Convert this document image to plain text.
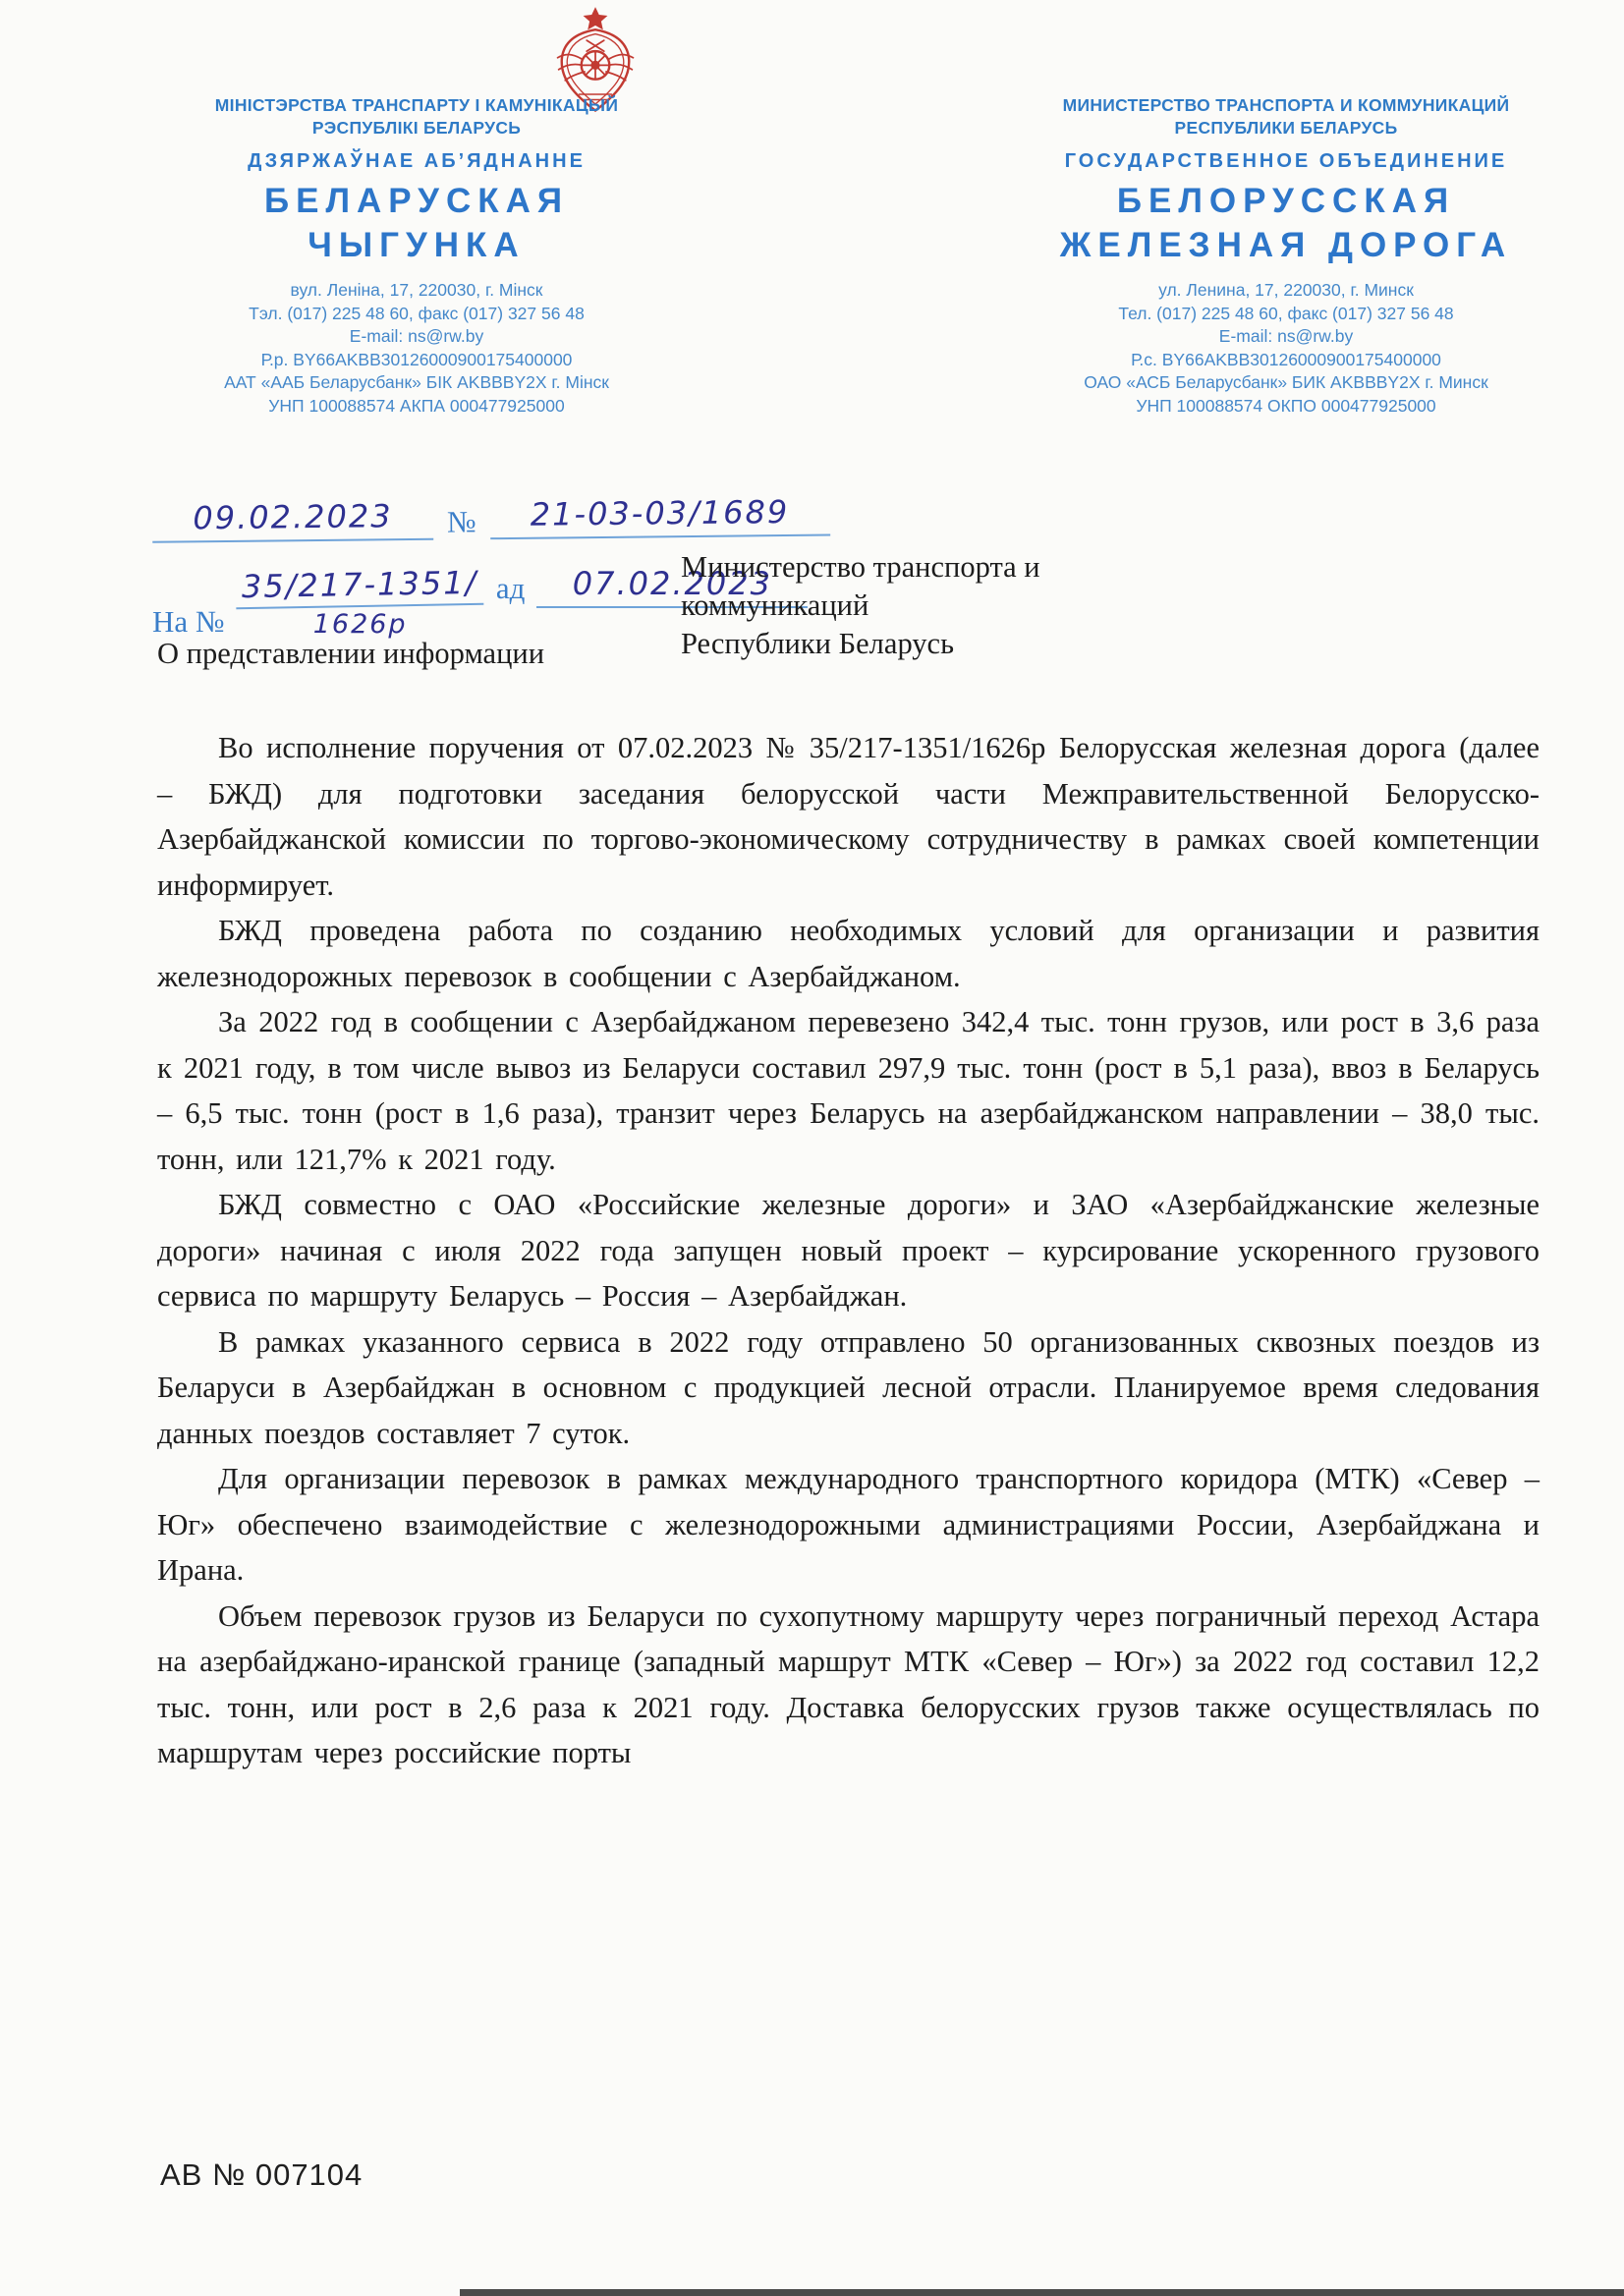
МІНІСТЭРСТВА ТРАНСПАРТУ І КАМУНІКАЦЫЙ
РЭСПУБЛІКІ БЕЛАРУСЬ
ДЗЯРЖАЎНАЕ АБ’ЯДНАННЕ
БЕЛАРУСКАЯ
ЧЫГУНКА
вул. Леніна, 17, 220030, г. Мінск
Тэл. (017) 225 48 60, факс (017) 327 56 48
E-mail: ns@rw.by
Р.р. BY66AKBB30126000900175400000
ААТ «ААБ Беларусбанк» БІК AKBBBY2X г. Мінск
УНП 100088574 АКПА 000477925000
МИНИСТЕРСТВО ТРАНСПОРТА И КОММУНИКАЦИЙ
РЕСПУБЛИКИ БЕЛАРУСЬ
ГОСУДАРСТВЕННОЕ ОБЪЕДИНЕНИЕ
БЕЛОРУССКАЯ
ЖЕЛЕЗНАЯ ДОРОГА
ул. Ленина, 17, 220030, г. Минск
Тел. (017) 225 48 60, факс (017) 327 56 48
E-mail: ns@rw.by
Р.с. BY66AKBB30126000900175400000
ОАО «АСБ Беларусбанк» БИК AKBBBY2X г. Минск
УНП 100088574 ОКПО 000477925000
09.02.2023	№	21-03-03/1689
На № $\frac{35/217-1351/}{1626р}$ ад	07.02.2023
Министерство транспорта и
коммуникаций
Республики Беларусь
О представлении информации

Во исполнение поручения от 07.02.2023 № 35/217-1351/1626р Белорусская железная дорога (далее – БЖД) для подготовки заседания белорусской части Межправительственной Белорусско-Азербайджанской комиссии по торгово-экономическому сотрудничеству в рамках своей компетенции информирует.

БЖД проведена работа по созданию необходимых условий для организации и развития железнодорожных перевозок в сообщении с Азербайджаном.

За 2022 год в сообщении с Азербайджаном перевезено 342,4 тыс. тонн грузов, или рост в 3,6 раза к 2021 году, в том числе вывоз из Беларуси составил 297,9 тыс. тонн (рост в 5,1 раза), ввоз в Беларусь – 6,5 тыс. тонн (рост в 1,6 раза), транзит через Беларусь на азербайджанском направлении – 38,0 тыс. тонн, или 121,7% к 2021 году.

БЖД совместно с ОАО «Российские железные дороги» и ЗАО «Азербайджанские железные дороги» начиная с июля 2022 года запущен новый проект – курсирование ускоренного грузового сервиса по маршруту Беларусь – Россия – Азербайджан.

В рамках указанного сервиса в 2022 году отправлено 50 организованных сквозных поездов из Беларуси в Азербайджан в основном с продукцией лесной отрасли. Планируемое время следования данных поездов составляет 7 суток.

Для организации перевозок в рамках международного транспортного коридора (МТК) «Север – Юг» обеспечено взаимодействие с железнодорожными администрациями России, Азербайджана и Ирана.

Объем перевозок грузов из Беларуси по сухопутному маршруту через пограничный переход Астара на азербайджано-иранской границе (западный маршрут МТК «Север – Юг») за 2022 год составил 12,2 тыс. тонн, или рост в 2,6 раза к 2021 году. Доставка белорусских грузов также осуществлялась по маршрутам через российские порты

АВ № 007104
